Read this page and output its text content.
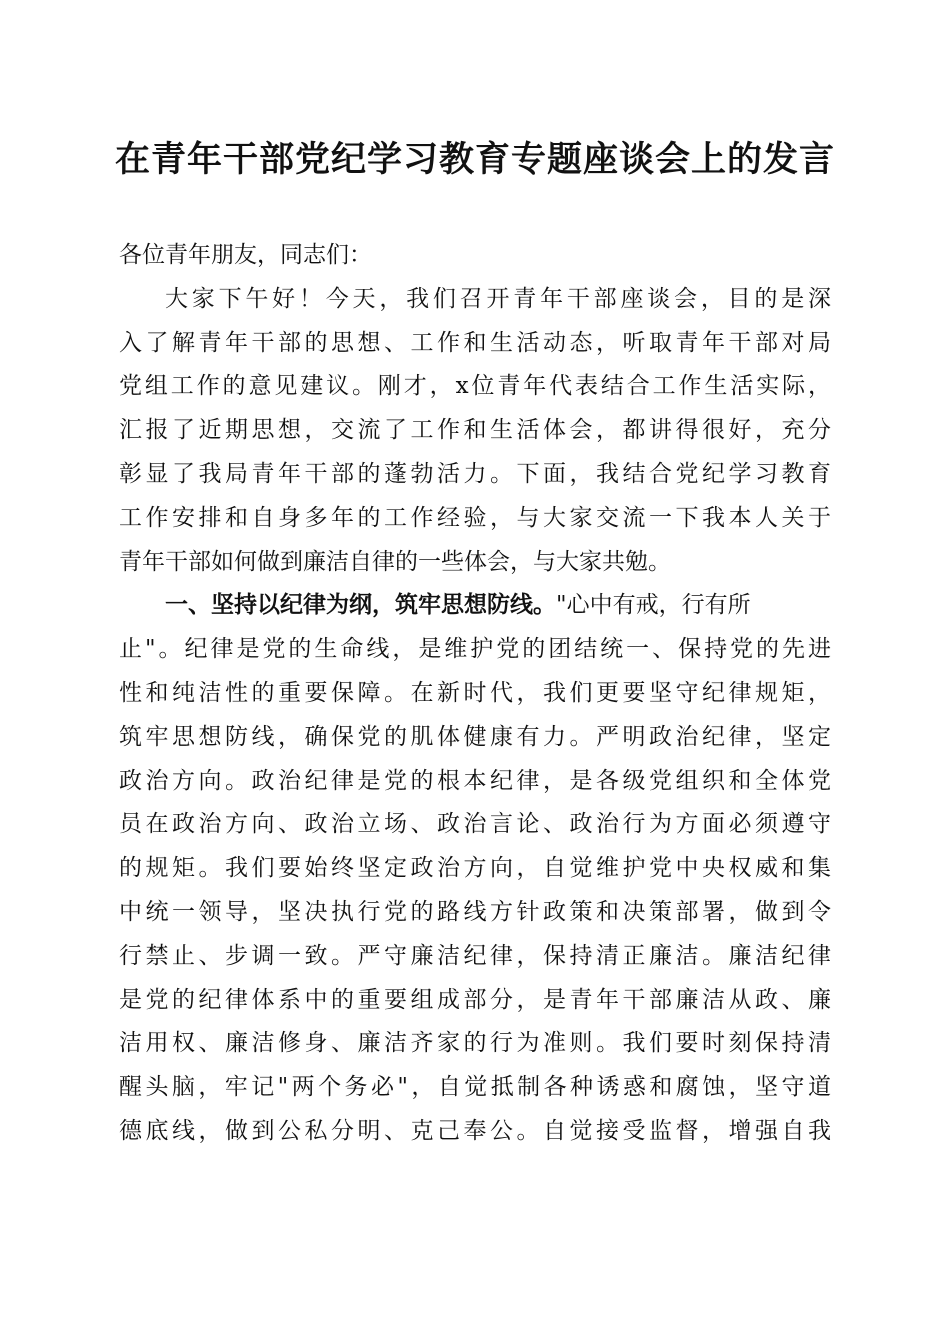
在青年干部党纪学习教育专题座谈会上的发言
各位青年朋友，同志们：
大家下午好！今天，我们召开青年干部座谈会，目的是深
入了解青年干部的思想、工作和生活动态，听取青年干部对局
党组工作的意见建议。刚才，x位青年代表结合工作生活实际，
汇报了近期思想，交流了工作和生活体会，都讲得很好，充分
彰显了我局青年干部的蓬勃活力。下面，我结合党纪学习教育
工作安排和自身多年的工作经验，与大家交流一下我本人关于
青年干部如何做到廉洁自律的一些体会，与大家共勉。
一、坚持以纪律为纲，筑牢思想防线。 "心中有戒，行有所
止"。纪律是党的生命线，是维护党的团结统一、保持党的先进
性和纯洁性的重要保障。在新时代，我们更要坚守纪律规矩，
筑牢思想防线，确保党的肌体健康有力。严明政治纪律，坚定
政治方向。政治纪律是党的根本纪律，是各级党组织和全体党
员在政治方向、政治立场、政治言论、政治行为方面必须遵守
的规矩。我们要始终坚定政治方向，自觉维护党中央权威和集
中统一领导，坚决执行党的路线方针政策和决策部署，做到令
行禁止、步调一致。严守廉洁纪律，保持清正廉洁。廉洁纪律
是党的纪律体系中的重要组成部分，是青年干部廉洁从政、廉
洁用权、廉洁修身、廉洁齐家的行为准则。我们要时刻保持清
醒头脑，牢记"两个务必"，自觉抵制各种诱惑和腐蚀，坚守道
德底线，做到公私分明、克己奉公。自觉接受监督，增强自我
